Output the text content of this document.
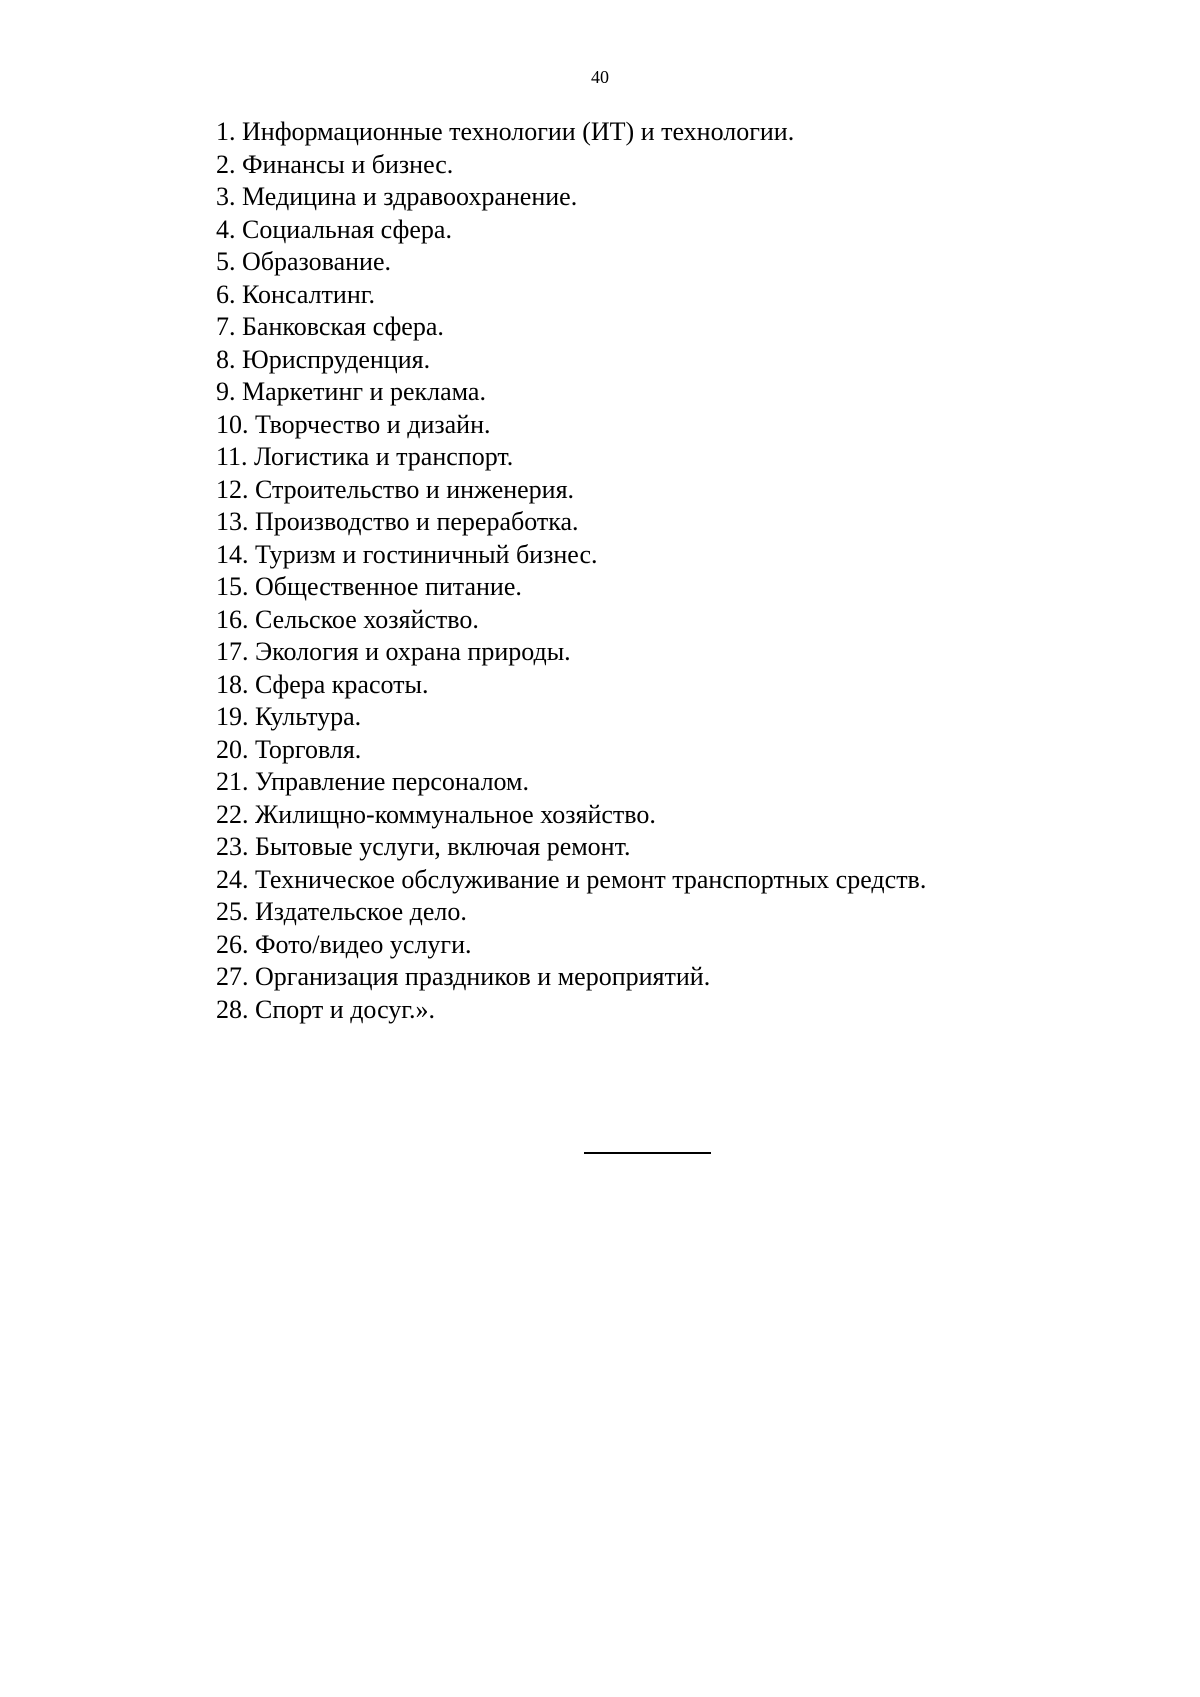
40
1. Информационные технологии (ИТ) и технологии.
2. Финансы и бизнес.
3. Медицина и здравоохранение.
4. Социальная сфера.
5. Образование.
6. Консалтинг.
7. Банковская сфера.
8. Юриспруденция.
9. Маркетинг и реклама.
10. Творчество и дизайн.
11. Логистика и транспорт.
12. Строительство и инженерия.
13. Производство и переработка.
14. Туризм и гостиничный бизнес.
15. Общественное питание.
16. Сельское хозяйство.
17. Экология и охрана природы.
18. Сфера красоты.
19. Культура.
20. Торговля.
21. Управление персоналом.
22. Жилищно-коммунальное хозяйство.
23. Бытовые услуги, включая ремонт.
24. Техническое обслуживание и ремонт транспортных средств.
25. Издательское дело.
26. Фото/видео услуги.
27. Организация праздников и мероприятий.
28. Спорт и досуг.».
